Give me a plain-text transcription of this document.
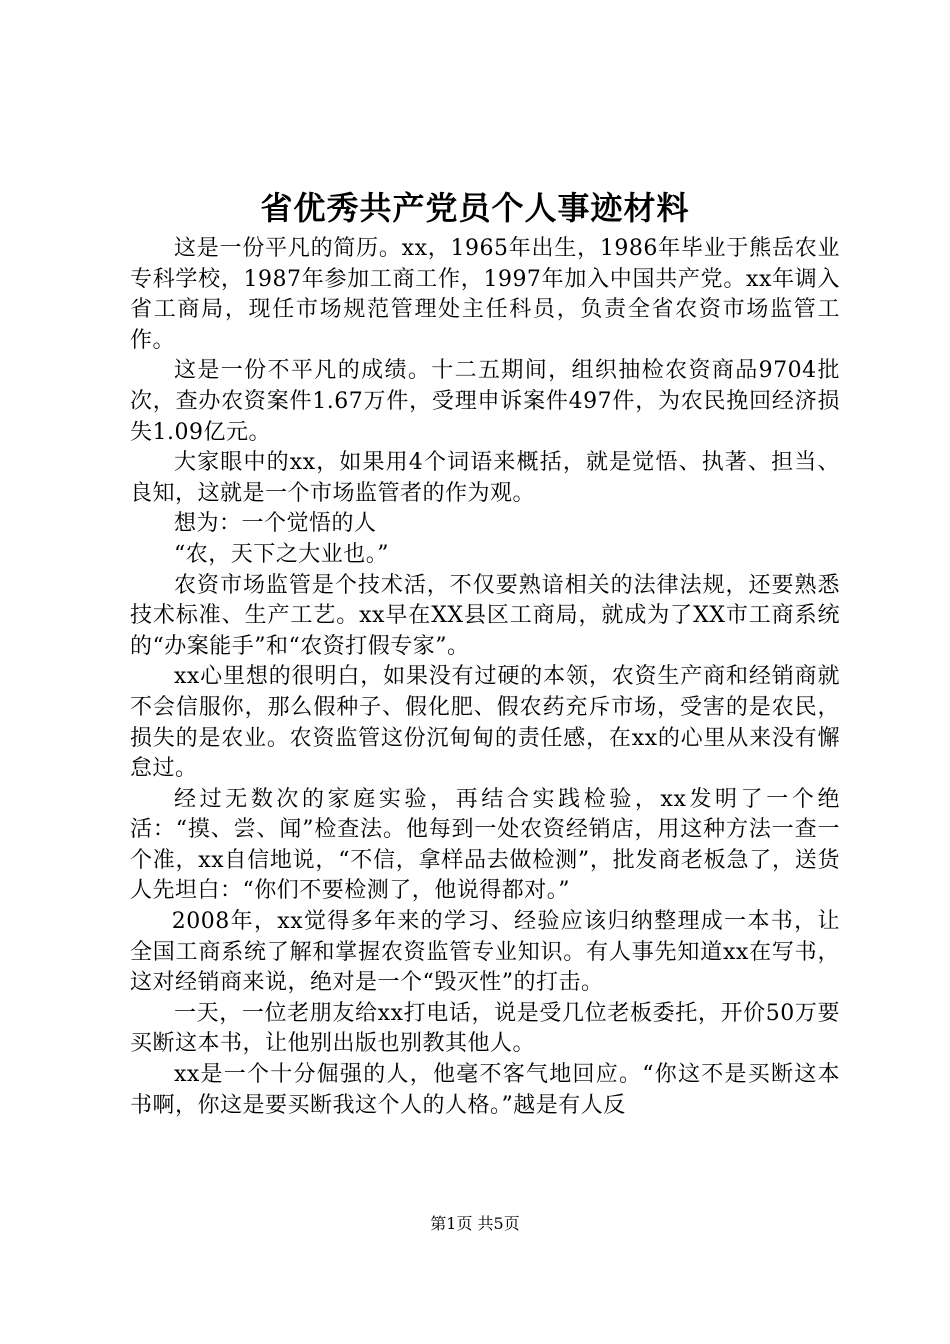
省优秀共产党员个人事迹材料

这是一份平凡的简历。xx，1965年出生，1986年毕业于熊岳农业专科学校，1987年参加工商工作，1997年加入中国共产党。xx年调入省工商局，现任市场规范管理处主任科员，负责全省农资市场监管工作。

这是一份不平凡的成绩。十二五期间，组织抽检农资商品9704批次，查办农资案件1.67万件，受理申诉案件497件，为农民挽回经济损失1.09亿元。

大家眼中的xx，如果用4个词语来概括，就是觉悟、执著、担当、良知，这就是一个市场监管者的作为观。

想为：一个觉悟的人

“农，天下之大业也。”

农资市场监管是个技术活，不仅要熟谙相关的法律法规，还要熟悉技术标准、生产工艺。xx早在XX县区工商局，就成为了XX市工商系统的“办案能手”和“农资打假专家”。

xx心里想的很明白，如果没有过硬的本领，农资生产商和经销商就不会信服你，那么假种子、假化肥、假农药充斥市场，受害的是农民，损失的是农业。农资监管这份沉甸甸的责任感，在xx的心里从来没有懈怠过。

经过无数次的家庭实验，再结合实践检验，xx发明了一个绝活：“摸、尝、闻”检查法。他每到一处农资经销店，用这种方法一查一个准，xx自信地说，“不信，拿样品去做检测”，批发商老板急了，送货人先坦白：“你们不要检测了，他说得都对。”

2008年，xx觉得多年来的学习、经验应该归纳整理成一本书，让全国工商系统了解和掌握农资监管专业知识。有人事先知道xx在写书，这对经销商来说，绝对是一个“毁灭性”的打击。

一天，一位老朋友给xx打电话，说是受几位老板委托，开价50万要买断这本书，让他别出版也别教其他人。

xx是一个十分倔强的人，他毫不客气地回应。“你这不是买断这本书啊，你这是要买断我这个人的人格。”越是有人反

第1页 共5页
